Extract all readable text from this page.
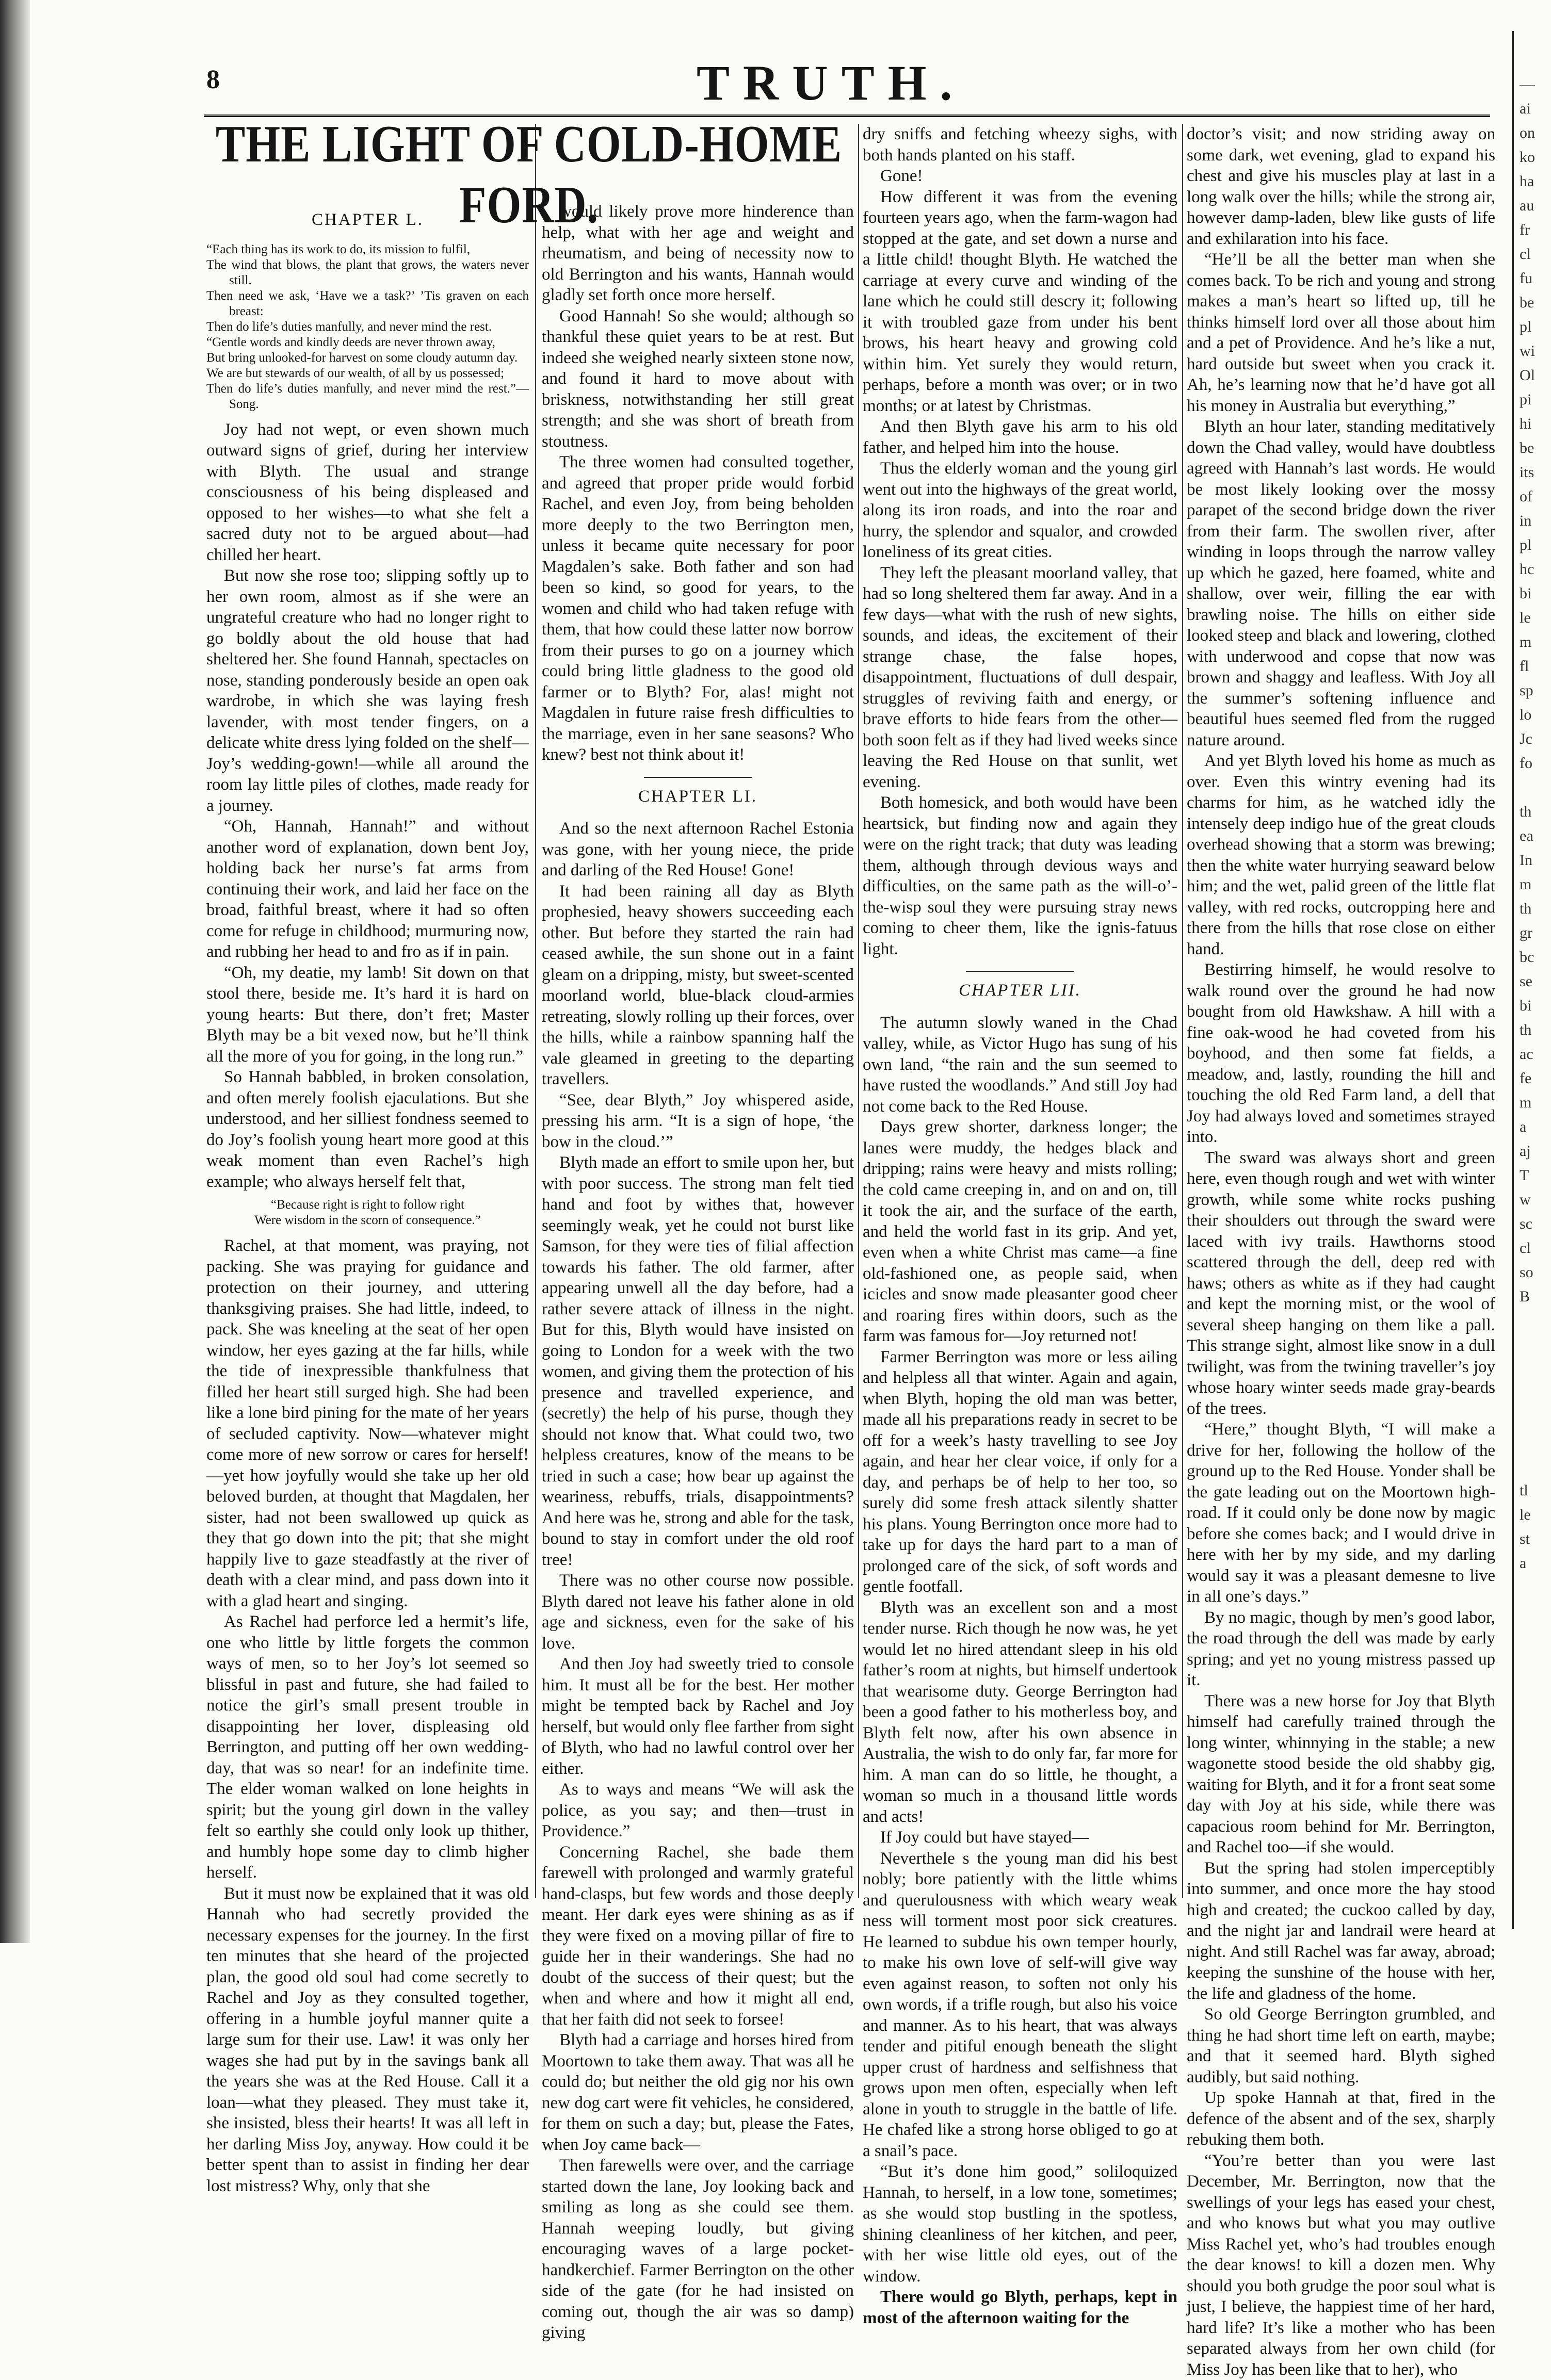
8	TRUTH.
THE LIGHT OF COLD-HOME FORD.
CHAPTER L.
“Each thing has its work to do, its mission to fulfil,
The wind that blows, the plant that grows, the waters never still.
Then need we ask, ‘Have we a task?’ ’Tis graven on each breast:
Then do life’s duties manfully, and never mind the rest.
“Gentle words and kindly deeds are never thrown away,
But bring unlooked-for harvest on some cloudy autumn day.
We are but stewards of our wealth, of all by us possessed;
Then do life’s duties manfully, and never mind the rest.”—Song.

Joy had not wept, or even shown much outward signs of grief, during her interview with Blyth. The usual and strange consciousness of his being displeased and opposed to her wishes—to what she felt a sacred duty not to be argued about—had chilled her heart.

But now she rose too; slipping softly up to her own room, almost as if she were an ungrateful creature who had no longer right to go boldly about the old house that had sheltered her. She found Hannah, spectacles on nose, standing ponderously beside an open oak wardrobe, in which she was laying fresh lavender, with most tender fingers, on a delicate white dress lying folded on the shelf—Joy’s wedding-gown!—while all around the room lay little piles of clothes, made ready for a journey.

“Oh, Hannah, Hannah!” and without another word of explanation, down bent Joy, holding back her nurse’s fat arms from continuing their work, and laid her face on the broad, faithful breast, where it had so often come for refuge in childhood; murmuring now, and rubbing her head to and fro as if in pain.

“Oh, my deatie, my lamb! Sit down on that stool there, beside me. It’s hard it is hard on young hearts: But there, don’t fret; Master Blyth may be a bit vexed now, but he’ll think all the more of you for going, in the long run.”

So Hannah babbled, in broken consolation, and often merely foolish ejaculations. But she understood, and her silliest fondness seemed to do Joy’s foolish young heart more good at this weak moment than even Rachel’s high example; who always herself felt that,

“Because right is right to follow right
Were wisdom in the scorn of consequence.”

Rachel, at that moment, was praying, not packing. She was praying for guidance and protection on their journey, and uttering thanksgiving praises. She had little, indeed, to pack. She was kneeling at the seat of her open window, her eyes gazing at the far hills, while the tide of inexpressible thankfulness that filled her heart still surged high. She had been like a lone bird pining for the mate of her years of secluded captivity. Now—whatever might come more of new sorrow or cares for herself!—yet how joyfully would she take up her old beloved burden, at thought that Magdalen, her sister, had not been swallowed up quick as they that go down into the pit; that she might happily live to gaze steadfastly at the river of death with a clear mind, and pass down into it with a glad heart and singing.

As Rachel had perforce led a hermit’s life, one who little by little forgets the common ways of men, so to her Joy’s lot seemed so blissful in past and future, she had failed to notice the girl’s small present trouble in disappointing her lover, displeasing old Berrington, and putting off her own wedding-day, that was so near! for an indefinite time. The elder woman walked on lone heights in spirit; but the young girl down in the valley felt so earthly she could only look up thither, and humbly hope some day to climb higher herself.

But it must now be explained that it was old Hannah who had secretly provided the necessary expenses for the journey. In the first ten minutes that she heard of the projected plan, the good old soul had come secretly to Rachel and Joy as they consulted together, offering in a humble joyful manner quite a large sum for their use. Law! it was only her wages she had put by in the savings bank all the years she was at the Red House. Call it a loan—what they pleased. They must take it, she insisted, bless their hearts! It was all left in her darling Miss Joy, anyway. How could it be better spent than to assist in finding her dear lost mistress? Why, only that she

would likely prove more hinderence than help, what with her age and weight and rheumatism, and being of necessity now to old Berrington and his wants, Hannah would gladly set forth once more herself.

Good Hannah! So she would; although so thankful these quiet years to be at rest. But indeed she weighed nearly sixteen stone now, and found it hard to move about with briskness, notwithstanding her still great strength; and she was short of breath from stoutness.

The three women had consulted together, and agreed that proper pride would forbid Rachel, and even Joy, from being beholden more deeply to the two Berrington men, unless it became quite necessary for poor Magdalen’s sake. Both father and son had been so kind, so good for years, to the women and child who had taken refuge with them, that how could these latter now borrow from their purses to go on a journey which could bring little gladness to the good old farmer or to Blyth? For, alas! might not Magdalen in future raise fresh difficulties to the marriage, even in her sane seasons? Who knew? best not think about it!

CHAPTER LI.

And so the next afternoon Rachel Estonia was gone, with her young niece, the pride and darling of the Red House! Gone!

It had been raining all day as Blyth prophesied, heavy showers succeeding each other. But before they started the rain had ceased awhile, the sun shone out in a faint gleam on a dripping, misty, but sweet-scented moorland world, blue-black cloud-armies retreating, slowly rolling up their forces, over the hills, while a rainbow spanning half the vale gleamed in greeting to the departing travellers.

“See, dear Blyth,” Joy whispered aside, pressing his arm. “It is a sign of hope, ‘the bow in the cloud.’”

Blyth made an effort to smile upon her, but with poor success. The strong man felt tied hand and foot by withes that, however seemingly weak, yet he could not burst like Samson, for they were ties of filial affection towards his father. The old farmer, after appearing unwell all the day before, had a rather severe attack of illness in the night. But for this, Blyth would have insisted on going to London for a week with the two women, and giving them the protection of his presence and travelled experience, and (secretly) the help of his purse, though they should not know that. What could two, two helpless creatures, know of the means to be tried in such a case; how bear up against the weariness, rebuffs, trials, disappointments? And here was he, strong and able for the task, bound to stay in comfort under the old roof tree!

There was no other course now possible. Blyth dared not leave his father alone in old age and sickness, even for the sake of his love.

And then Joy had sweetly tried to console him. It must all be for the best. Her mother might be tempted back by Rachel and Joy herself, but would only flee farther from sight of Blyth, who had no lawful control over her either.

As to ways and means “We will ask the police, as you say; and then—trust in Providence.”

Concerning Rachel, she bade them farewell with prolonged and warmly grateful hand-clasps, but few words and those deeply meant. Her dark eyes were shining as as if they were fixed on a moving pillar of fire to guide her in their wanderings. She had no doubt of the success of their quest; but the when and where and how it might all end, that her faith did not seek to forsee!

Blyth had a carriage and horses hired from Moortown to take them away. That was all he could do; but neither the old gig nor his own new dog cart were fit vehicles, he considered, for them on such a day; but, please the Fates, when Joy came back—

Then farewells were over, and the carriage started down the lane, Joy looking back and smiling as long as she could see them. Hannah weeping loudly, but giving encouraging waves of a large pocket-handkerchief. Farmer Berrington on the other side of the gate (for he had insisted on coming out, though the air was so damp) giving

dry sniffs and fetching wheezy sighs, with both hands planted on his staff.

Gone!

How different it was from the evening fourteen years ago, when the farm-wagon had stopped at the gate, and set down a nurse and a little child! thought Blyth. He watched the carriage at every curve and winding of the lane which he could still descry it; following it with troubled gaze from under his bent brows, his heart heavy and growing cold within him. Yet surely they would return, perhaps, before a month was over; or in two months; or at latest by Christmas.

And then Blyth gave his arm to his old father, and helped him into the house.

Thus the elderly woman and the young girl went out into the highways of the great world, along its iron roads, and into the roar and hurry, the splendor and squalor, and crowded loneliness of its great cities.

They left the pleasant moorland valley, that had so long sheltered them far away. And in a few days—what with the rush of new sights, sounds, and ideas, the excitement of their strange chase, the false hopes, disappointment, fluctuations of dull despair, struggles of reviving faith and energy, or brave efforts to hide fears from the other—both soon felt as if they had lived weeks since leaving the Red House on that sunlit, wet evening.

Both homesick, and both would have been heartsick, but finding now and again they were on the right track; that duty was leading them, although through devious ways and difficulties, on the same path as the will-o’-the-wisp soul they were pursuing stray news coming to cheer them, like the ignis-fatuus light.

CHAPTER LII.

The autumn slowly waned in the Chad valley, while, as Victor Hugo has sung of his own land, “the rain and the sun seemed to have rusted the woodlands.” And still Joy had not come back to the Red House.

Days grew shorter, darkness longer; the lanes were muddy, the hedges black and dripping; rains were heavy and mists rolling; the cold came creeping in, and on and on, till it took the air, and the surface of the earth, and held the world fast in its grip. And yet, even when a white Christ mas came—a fine old-fashioned one, as people said, when icicles and snow made pleasanter good cheer and roaring fires within doors, such as the farm was famous for—Joy returned not!

Farmer Berrington was more or less ailing and helpless all that winter. Again and again, when Blyth, hoping the old man was better, made all his preparations ready in secret to be off for a week’s hasty travelling to see Joy again, and hear her clear voice, if only for a day, and perhaps be of help to her too, so surely did some fresh attack silently shatter his plans. Young Berrington once more had to take up for days the hard part to a man of prolonged care of the sick, of soft words and gentle footfall.

Blyth was an excellent son and a most tender nurse. Rich though he now was, he yet would let no hired attendant sleep in his old father’s room at nights, but himself undertook that wearisome duty. George Berrington had been a good father to his motherless boy, and Blyth felt now, after his own absence in Australia, the wish to do only far, far more for him. A man can do so little, he thought, a woman so much in a thousand little words and acts!

If Joy could but have stayed—

Neverthele s the young man did his best nobly; bore patiently with the little whims and querulousness with which weary weak ness will torment most poor sick creatures. He learned to subdue his own temper hourly, to make his own love of self-will give way even against reason, to soften not only his own words, if a trifle rough, but also his voice and manner. As to his heart, that was always tender and pitiful enough beneath the slight upper crust of hardness and selfishness that grows upon men often, especially when left alone in youth to struggle in the battle of life. He chafed like a strong horse obliged to go at a snail’s pace.

“But it’s done him good,” soliloquized Hannah, to herself, in a low tone, sometimes; as she would stop bustling in the spotless, shining cleanliness of her kitchen, and peer, with her wise little old eyes, out of the window.

There would go Blyth, perhaps, kept in most of the afternoon waiting for the

doctor’s visit; and now striding away on some dark, wet evening, glad to expand his chest and give his muscles play at last in a long walk over the hills; while the strong air, however damp-laden, blew like gusts of life and exhilaration into his face.

“He’ll be all the better man when she comes back. To be rich and young and strong makes a man’s heart so lifted up, till he thinks himself lord over all those about him and a pet of Providence. And he’s like a nut, hard outside but sweet when you crack it. Ah, he’s learning now that he’d have got all his money in Australia but everything,”

Blyth an hour later, standing meditatively down the Chad valley, would have doubtless agreed with Hannah’s last words. He would be most likely looking over the mossy parapet of the second bridge down the river from their farm. The swollen river, after winding in loops through the narrow valley up which he gazed, here foamed, white and shallow, over weir, filling the ear with brawling noise. The hills on either side looked steep and black and lowering, clothed with underwood and copse that now was brown and shaggy and leafless. With Joy all the summer’s softening influence and beautiful hues seemed fled from the rugged nature around.

And yet Blyth loved his home as much as over. Even this wintry evening had its charms for him, as he watched idly the intensely deep indigo hue of the great clouds overhead showing that a storm was brewing; then the white water hurrying seaward below him; and the wet, palid green of the little flat valley, with red rocks, outcropping here and there from the hills that rose close on either hand.

Bestirring himself, he would resolve to walk round over the ground he had now bought from old Hawkshaw. A hill with a fine oak-wood he had coveted from his boyhood, and then some fat fields, a meadow, and, lastly, rounding the hill and touching the old Red Farm land, a dell that Joy had always loved and sometimes strayed into.

The sward was always short and green here, even though rough and wet with winter growth, while some white rocks pushing their shoulders out through the sward were laced with ivy trails. Hawthorns stood scattered through the dell, deep red with haws; others as white as if they had caught and kept the morning mist, or the wool of several sheep hanging on them like a pall. This strange sight, almost like snow in a dull twilight, was from the twining traveller’s joy whose hoary winter seeds made gray-beards of the trees.

“Here,” thought Blyth, “I will make a drive for her, following the hollow of the ground up to the Red House. Yonder shall be the gate leading out on the Moortown high-road. If it could only be done now by magic before she comes back; and I would drive in here with her by my side, and my darling would say it was a pleasant demesne to live in all one’s days.”

By no magic, though by men’s good labor, the road through the dell was made by early spring; and yet no young mistress passed up it.

There was a new horse for Joy that Blyth himself had carefully trained through the long winter, whinnying in the stable; a new wagonette stood beside the old shabby gig, waiting for Blyth, and it for a front seat some day with Joy at his side, while there was capacious room behind for Mr. Berrington, and Rachel too—if she would.

But the spring had stolen imperceptibly into summer, and once more the hay stood high and created; the cuckoo called by day, and the night jar and landrail were heard at night. And still Rachel was far away, abroad; keeping the sunshine of the house with her, the life and gladness of the home.

So old George Berrington grumbled, and thing he had short time left on earth, maybe; and that it seemed hard. Blyth sighed audibly, but said nothing.

Up spoke Hannah at that, fired in the defence of the absent and of the sex, sharply rebuking them both.

“You’re better than you were last December, Mr. Berrington, now that the swellings of your legs has eased your chest, and who knows but what you may outlive Miss Rachel yet, who’s had troubles enough the dear knows! to kill a dozen men. Why should you both grudge the poor soul what is just, I believe, the happiest time of her hard, hard life? It’s like a mother who has been separated always from her own child (for Miss Joy has been like that to her), who

—
ai
on
ko
ha
au
fr
cl
fu
be
pl
wi
Ol
pi
hi
be
its
of
in
pl
hc
bi
le
m
fl
sp
lo
Jc
fo
th
ea
In
m
th
gr
bc
se
bi
th
ac
fe
m
a
aj
T
w
sc
cl
so
B
tl
le
st
a
